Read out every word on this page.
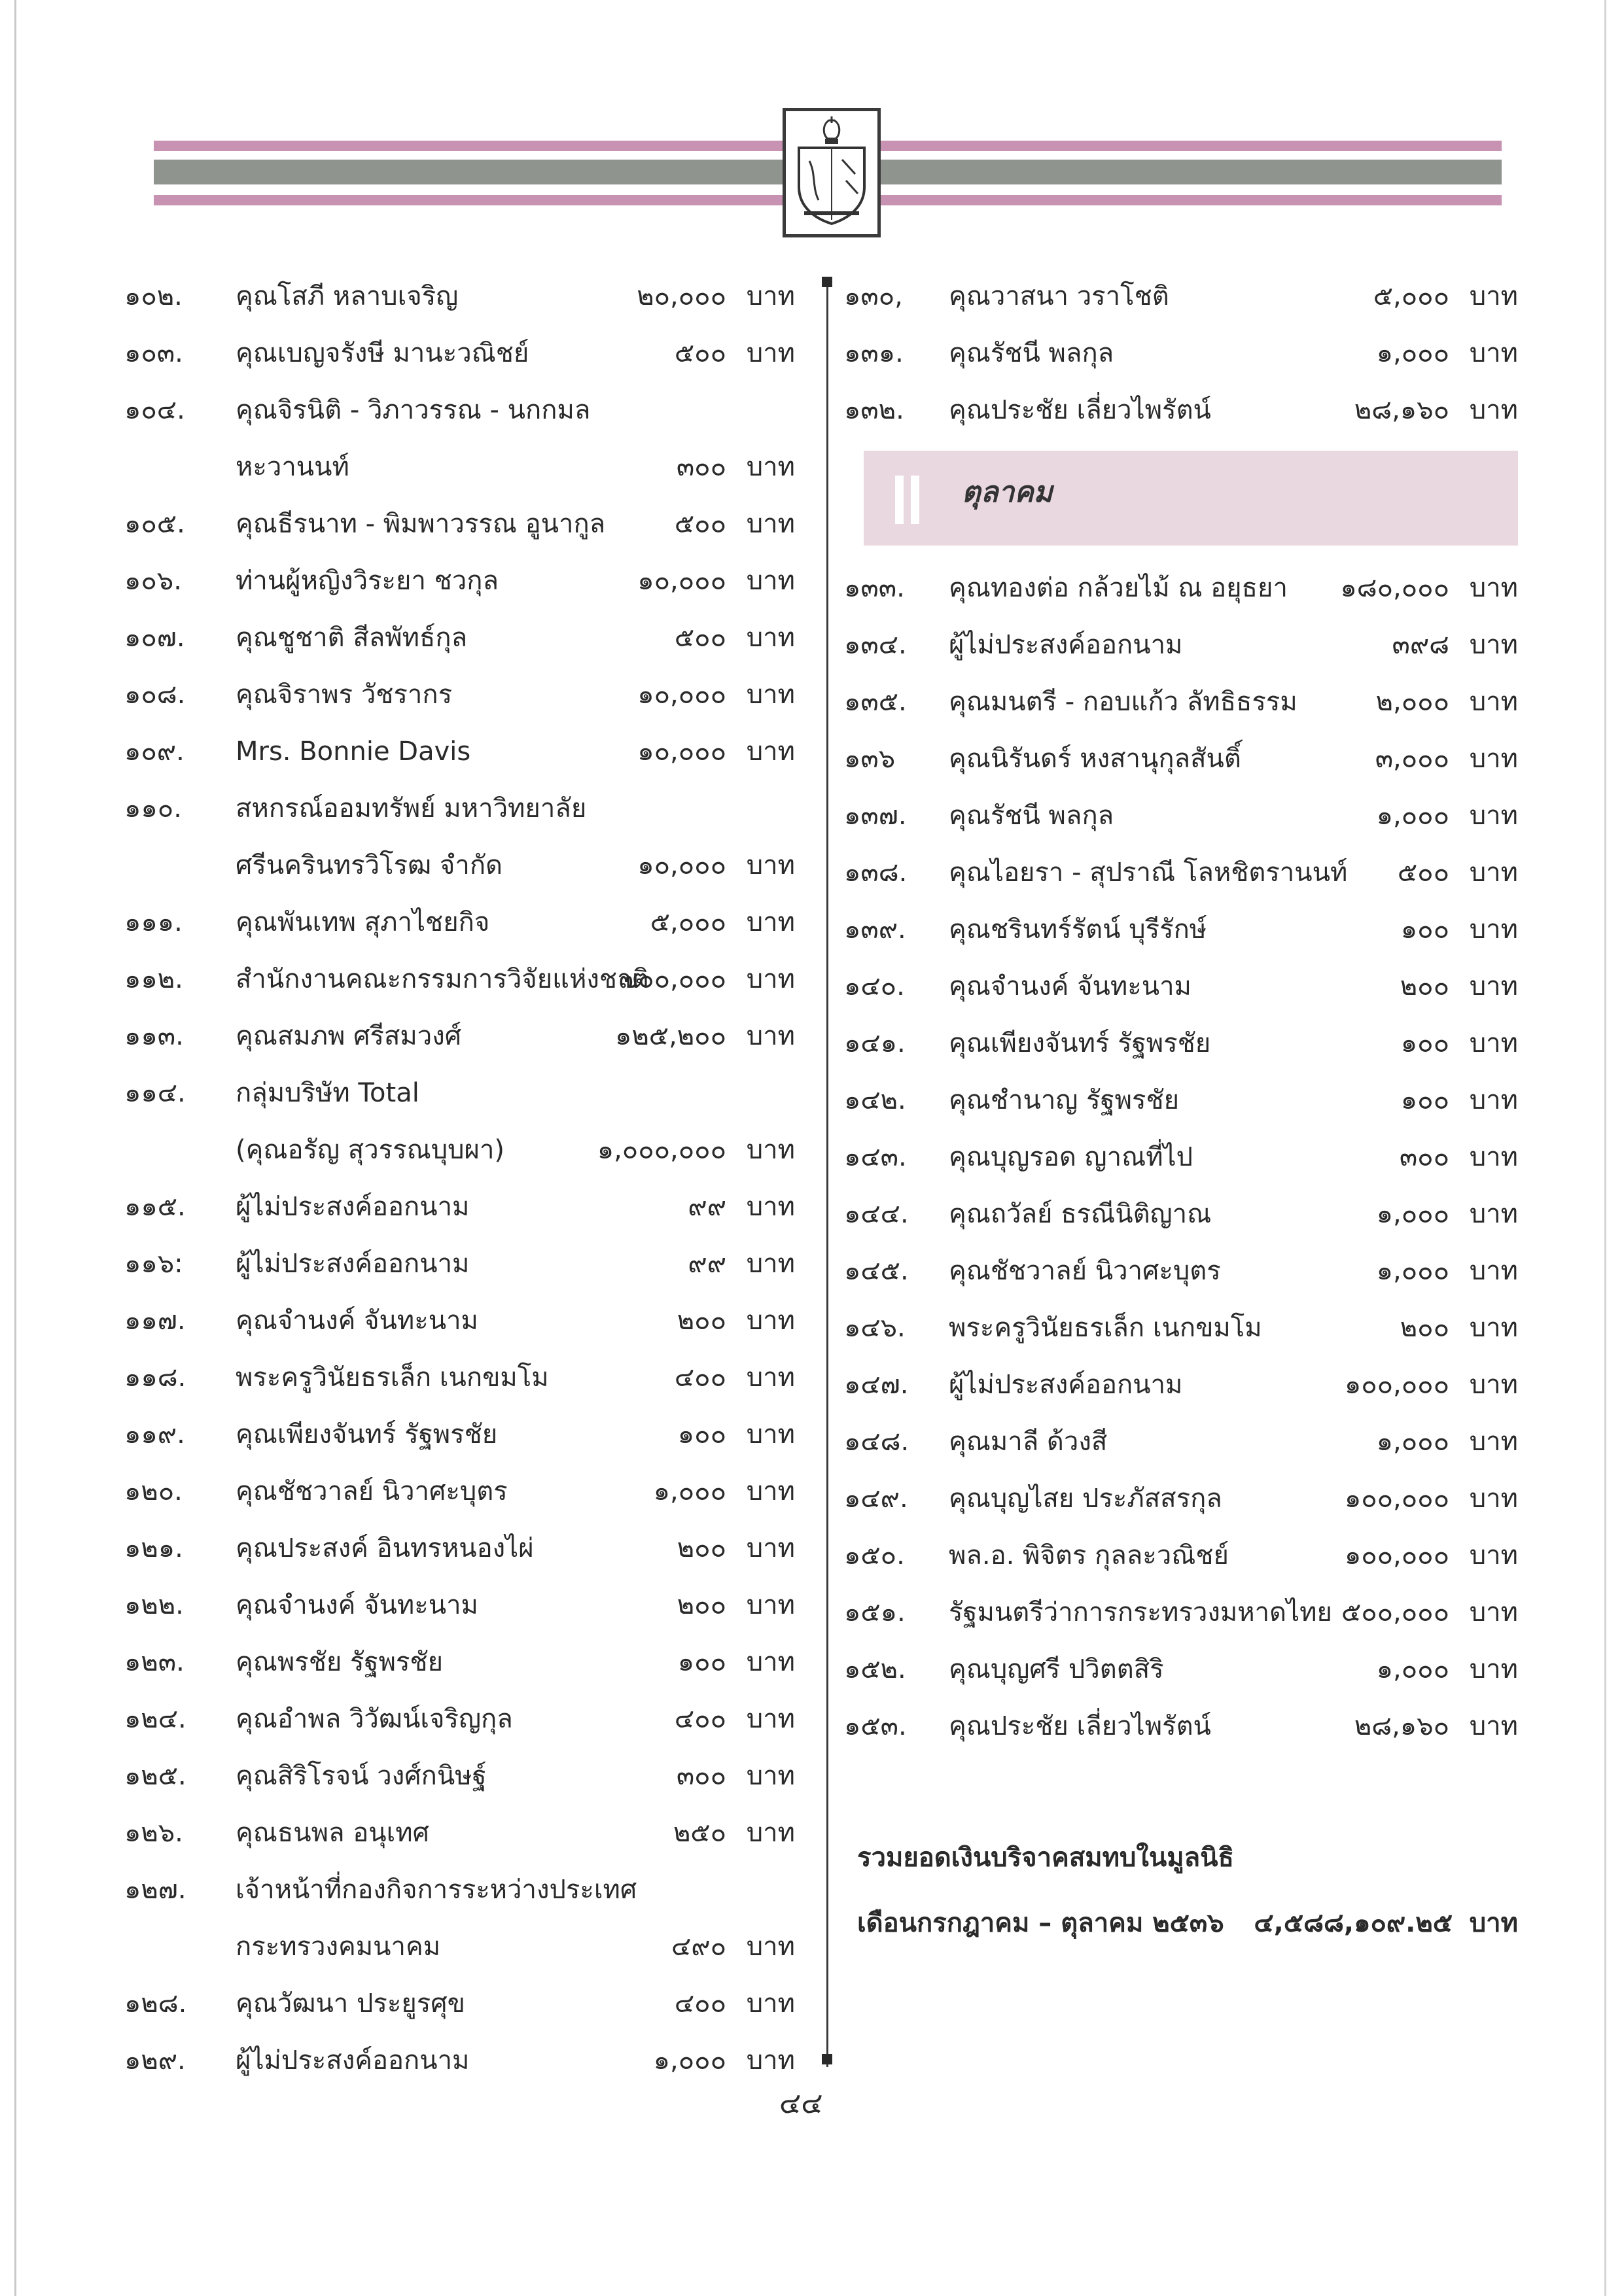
๑๐๒. คุณโสภี หลาบเจริญ	๒๐,๐๐๐ บาท
๑๐๓. คุณเบญจรังษี มานะวณิชย์	๕๐๐ บาท
๑๐๔. คุณจิรนิติ - วิภาวรรณ - นกกมล
หะวานนท์	๓๐๐ บาท
๑๐๕. คุณธีรนาท - พิมพาวรรณ อูนากูล	๕๐๐ บาท
๑๐๖. ท่านผู้หญิงวิระยา ชวกุล	๑๐,๐๐๐ บาท
๑๐๗. คุณชูชาติ สีลพัทธ์กุล	๕๐๐ บาท
๑๐๘. คุณจิราพร วัชรากร	๑๐,๐๐๐ บาท
๑๐๙. Mrs. Bonnie Davis	๑๐,๐๐๐ บาท
๑๑๐. สหกรณ์ออมทรัพย์ มหาวิทยาลัย
ศรีนครินทรวิโรฒ จำกัด	๑๐,๐๐๐ บาท
๑๑๑. คุณพันเทพ สุภาไชยกิจ	๕,๐๐๐ บาท
๑๑๒. สำนักงานคณะกรรมการวิจัยแห่งชาติ
๗๐๐,๐๐๐ บาท
๑๑๓. คุณสมภพ ศรีสมวงศ์	๑๒๕,๒๐๐ บาท
๑๑๔. กลุ่มบริษัท Total
(คุณอรัญ สุวรรณบุบผา)	๑,๐๐๐,๐๐๐ บาท
๑๑๕. ผู้ไม่ประสงค์ออกนาม	๙๙ บาท
๑๑๖: ผู้ไม่ประสงค์ออกนาม	๙๙ บาท
๑๑๗. คุณจำนงค์ จันทะนาม	๒๐๐ บาท
๑๑๘. พระครูวินัยธรเล็ก เนกขมโม	๔๐๐ บาท
๑๑๙. คุณเพียงจันทร์ รัฐพรชัย	๑๐๐ บาท
๑๒๐. คุณชัชวาลย์ นิวาศะบุตร	๑,๐๐๐ บาท
๑๒๑. คุณประสงค์ อินทรหนองไผ่	๒๐๐ บาท
๑๒๒. คุณจำนงค์ จันทะนาม	๒๐๐ บาท
๑๒๓. คุณพรชัย รัฐพรชัย	๑๐๐ บาท
๑๒๔. คุณอำพล วิวัฒน์เจริญกุล	๔๐๐ บาท
๑๒๕. คุณสิริโรจน์ วงศ์กนิษฐ์	๓๐๐ บาท
๑๒๖. คุณธนพล อนุเทศ	๒๕๐ บาท
๑๒๗. เจ้าหน้าที่กองกิจการระหว่างประเทศ
กระทรวงคมนาคม	๔๙๐ บาท
๑๒๘. คุณวัฒนา ประยูรศุข	๔๐๐ บาท
๑๒๙. ผู้ไม่ประสงค์ออกนาม	๑,๐๐๐ บาท
๑๓๐, คุณวาสนา วราโชติ	๕,๐๐๐ บาท
๑๓๑. คุณรัชนี พลกุล	๑,๐๐๐ บาท
๑๓๒. คุณประชัย เลี่ยวไพรัตน์	๒๘,๑๖๐ บาท
ตุลาคม
๑๓๓. คุณทองต่อ กล้วยไม้ ณ อยุธยา ๑๘๐,๐๐๐ บาท
๑๓๔. ผู้ไม่ประสงค์ออกนาม	๓๙๘ บาท
๑๓๕. คุณมนตรี - กอบแก้ว ลัทธิธรรม	๒,๐๐๐ บาท
๑๓๖ คุณนิรันดร์ หงสานุกุลสันติ์	๓,๐๐๐ บาท
๑๓๗. คุณรัชนี พลกุล	๑,๐๐๐ บาท
๑๓๘. คุณไอยรา - สุปราณี โลหชิตรานนท์ ๕๐๐ บาท
๑๓๙. คุณชรินทร์รัตน์ บุรีรักษ์	๑๐๐ บาท
๑๔๐. คุณจำนงค์ จันทะนาม	๒๐๐ บาท
๑๔๑. คุณเพียงจันทร์ รัฐพรชัย	๑๐๐ บาท
๑๔๒. คุณชำนาญ รัฐพรชัย	๑๐๐ บาท
๑๔๓. คุณบุญรอด ญาณที่ไป	๓๐๐ บาท
๑๔๔. คุณถวัลย์ ธรณีนิติญาณ	๑,๐๐๐ บาท
๑๔๕. คุณชัชวาลย์ นิวาศะบุตร	๑,๐๐๐ บาท
๑๔๖. พระครูวินัยธรเล็ก เนกขมโม	๒๐๐ บาท
๑๔๗. ผู้ไม่ประสงค์ออกนาม	๑๐๐,๐๐๐ บาท
๑๔๘. คุณมาลี ด้วงสี	๑,๐๐๐ บาท
๑๔๙. คุณบุญไสย ประภัสสรกุล	๑๐๐,๐๐๐ บาท
๑๕๐. พล.อ. พิจิตร กุลละวณิชย์	๑๐๐,๐๐๐ บาท
๑๕๑. รัฐมนตรีว่าการกระทรวงมหาดไทย ๕๐๐,๐๐๐ บาท
๑๕๒. คุณบุญศรี ปวิตตสิริ	๑,๐๐๐ บาท
๑๕๓. คุณประชัย เลี่ยวไพรัตน์	๒๘,๑๖๐ บาท
รวมยอดเงินบริจาคสมทบในมูลนิธิ
เดือนกรกฎาคม – ตุลาคม ๒๕๓๖ ๔,๕๘๘,๑๐๙.๒๕ บาท
๔๔
